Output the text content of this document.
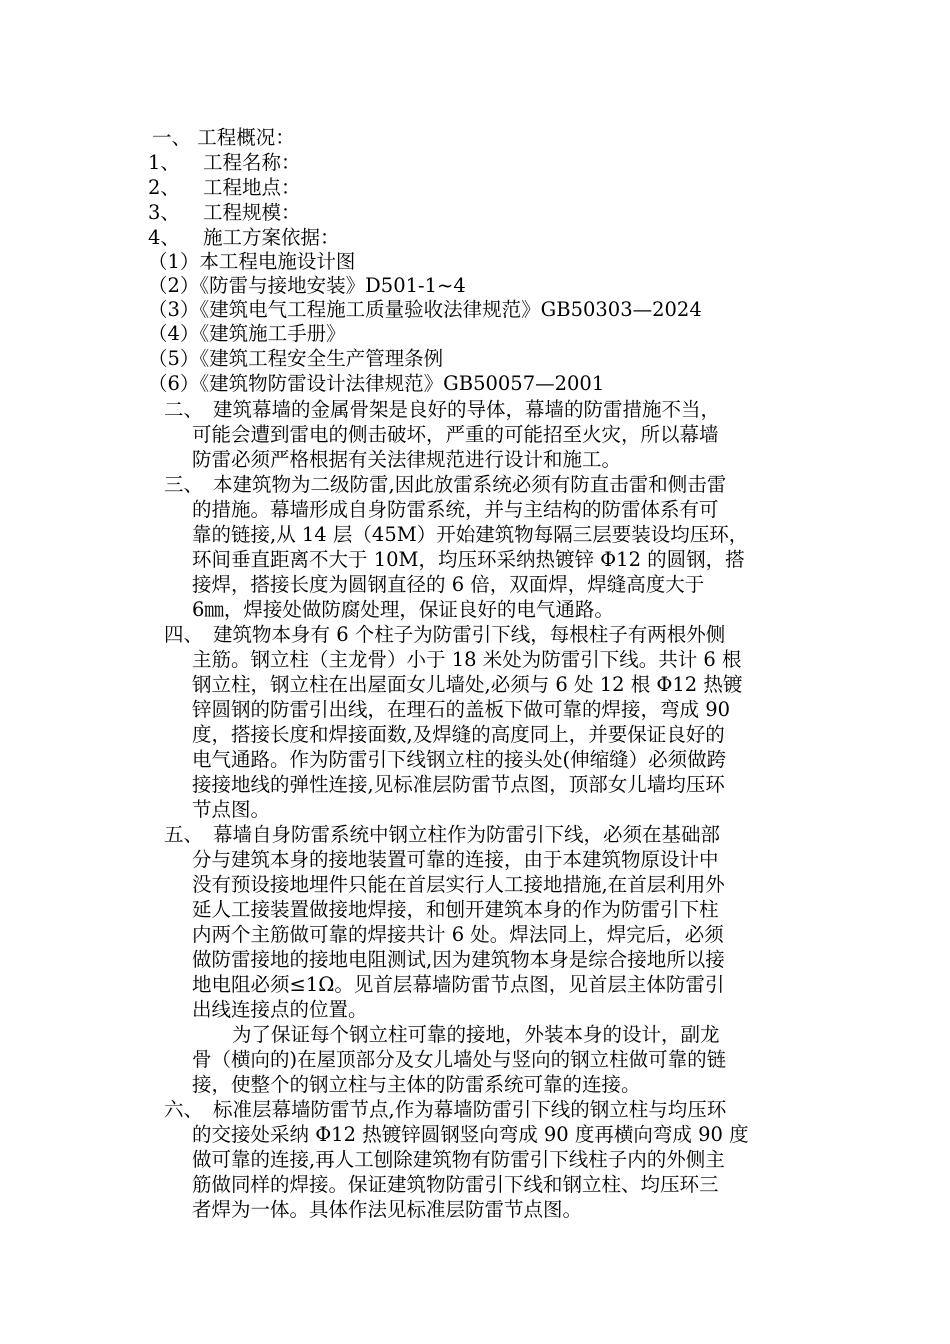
一、 工程概况：
1、 工程名称：
2、 工程地点：
3、 工程规模：
4、 施工方案依据：
（1）本工程电施设计图
（2）《防雷与接地安装》D501-1~4
（3）《建筑电气工程施工质量验收法律规范》GB50303—2024
（4）《建筑施工手册》
（5）《建筑工程安全生产管理条例
（6）《建筑物防雷设计法律规范》GB50057—2001
二、 建筑幕墙的金属骨架是良好的导体，幕墙的防雷措施不当，
可能会遭到雷电的侧击破坏，严重的可能招至火灾，所以幕墙
防雷必须严格根据有关法律规范进行设计和施工。
三、 本建筑物为二级防雷,因此放雷系统必须有防直击雷和侧击雷
的措施。幕墙形成自身防雷系统，并与主结构的防雷体系有可
靠的链接,从 14 层（45M）开始建筑物每隔三层要装设均压环，
环间垂直距离不大于 10M，均压环采纳热镀锌 Φ12 的圆钢，搭
接焊，搭接长度为圆钢直径的 6 倍，双面焊，焊缝高度大于
6㎜，焊接处做防腐处理，保证良好的电气通路。
四、 建筑物本身有 6 个柱子为防雷引下线，每根柱子有两根外侧
主筋。钢立柱（主龙骨）小于 18 米处为防雷引下线。共计 6 根
钢立柱，钢立柱在出屋面女儿墙处,必须与 6 处 12 根 Φ12 热镀
锌圆钢的防雷引出线，在理石的盖板下做可靠的焊接，弯成 90
度，搭接长度和焊接面数,及焊缝的高度同上，并要保证良好的
电气通路。作为防雷引下线钢立柱的接头处(伸缩缝）必须做跨
接接地线的弹性连接,见标准层防雷节点图，顶部女儿墙均压环
节点图。
五、 幕墙自身防雷系统中钢立柱作为防雷引下线，必须在基础部
分与建筑本身的接地装置可靠的连接，由于本建筑物原设计中
没有预设接地埋件只能在首层实行人工接地措施,在首层利用外
延人工接装置做接地焊接，和刨开建筑本身的作为防雷引下柱
内两个主筋做可靠的焊接共计 6 处。焊法同上，焊完后，必须
做防雷接地的接地电阻测试,因为建筑物本身是综合接地所以接
地电阻必须≤1Ω。见首层幕墙防雷节点图，见首层主体防雷引
出线连接点的位置。
为了保证每个钢立柱可靠的接地，外装本身的设计，副龙
骨（横向的)在屋顶部分及女儿墙处与竖向的钢立柱做可靠的链
接，使整个的钢立柱与主体的防雷系统可靠的连接。
六、 标准层幕墙防雷节点,作为幕墙防雷引下线的钢立柱与均压环
的交接处采纳 Φ12 热镀锌圆钢竖向弯成 90 度再横向弯成 90 度
做可靠的连接,再人工刨除建筑物有防雷引下线柱子内的外侧主
筋做同样的焊接。保证建筑物防雷引下线和钢立柱、均压环三
者焊为一体。具体作法见标准层防雷节点图。
